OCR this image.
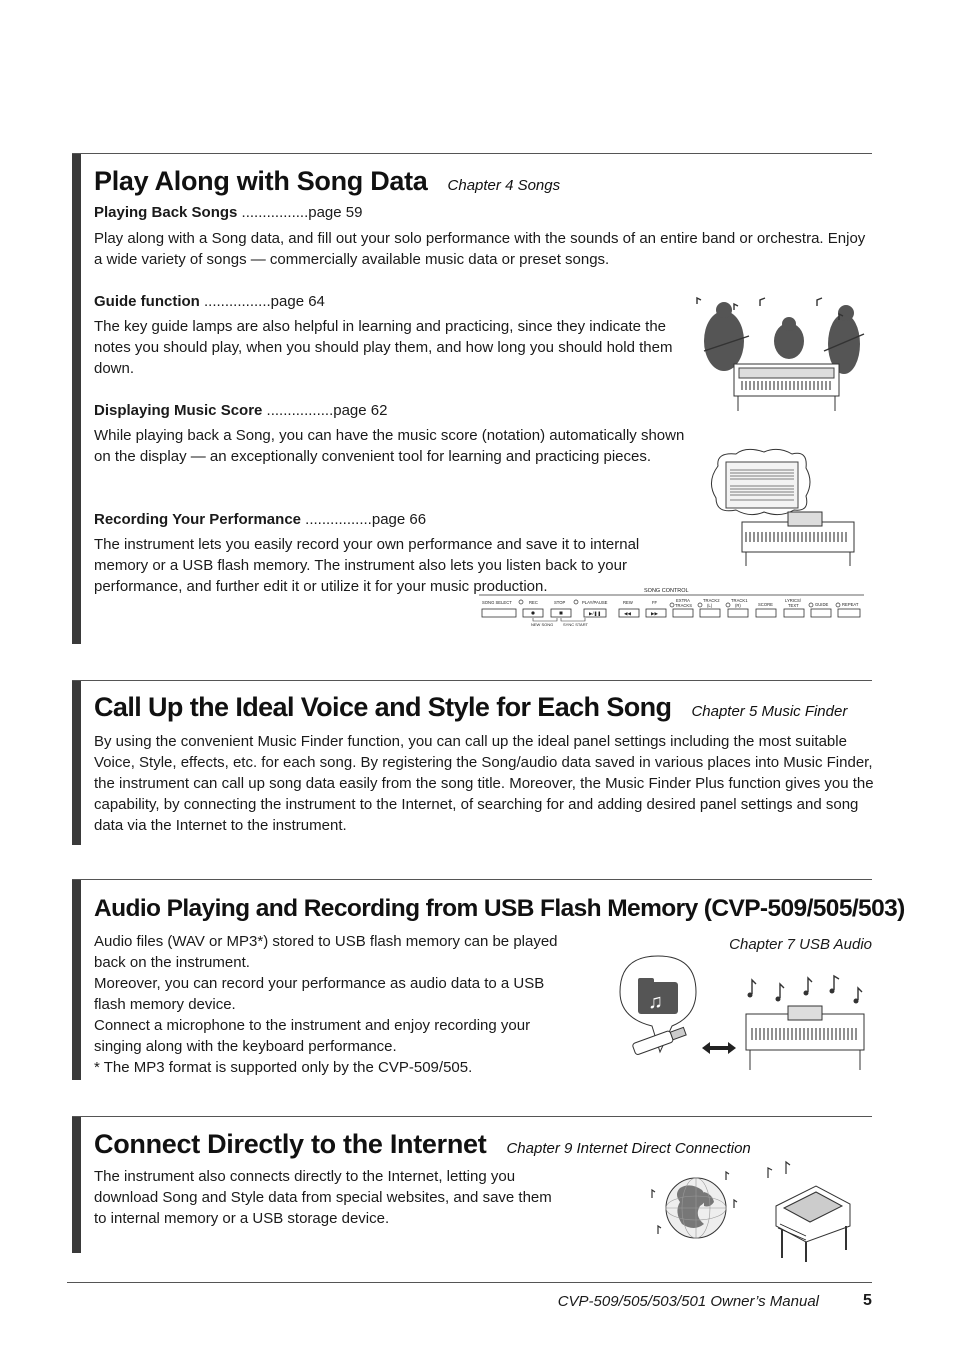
Play Along with Song Data Chapter 4 Songs
Playing Back Songs ................page 59

Play along with a Song data, and fill out your solo performance with the sounds of an entire band or orchestra. Enjoy a wide variety of songs — commercially available music data or preset songs.

Guide function ................page 64

The key guide lamps are also helpful in learning and practicing, since they indicate the notes you should play, when you should play them, and how long you should hold them down.

Displaying Music Score ................page 62

While playing back a Song, you can have the music score (notation) automatically shown on the display — an exceptionally convenient tool for learning and practicing pieces.

Recording Your Performance ................page 66

The instrument lets you easily record your own performance and save it to internal memory or a USB flash memory. The instrument also lets you listen back to your performance, and further edit it or utilize it for your music production.	SONG CONTROL
SONG SELECT	REC	STOP	PLAY/PAUSE	REW	FF	EXTRA
TRACKS
TRACK2
(L)
TRACK1
(R)	SCORE
LYRICS/
TEXT	GUIDE	REPEAT
▶/❚❚	◀◀	▶▶
NEW SONG SYNC START
Call Up the Ideal Voice and Style for Each Song Chapter 5 Music Finder

By using the convenient Music Finder function, you can call up the ideal panel settings including the most suitable Voice, Style, effects, etc. for each song. By registering the Song/audio data saved in various places into Music Finder, the instrument can call up song data easily from the song title. Moreover, the Music Finder Plus function gives you the capability, by connecting the instrument to the Internet, of searching for and adding desired panel settings and song data via the Internet to the instrument.

Audio Playing and Recording from USB Flash Memory (CVP-509/505/503)
Chapter 7 USB Audio

Audio files (WAV or MP3*) stored to USB flash memory can be played back on the instrument.

Moreover, you can record your performance as audio data to a USB flash memory device.

Connect a microphone to the instrument and enjoy recording your singing along with the keyboard performance.

* The MP3 format is supported only by the CVP-509/505.

♫
Connect Directly to the Internet Chapter 9 Internet Direct Connection

The instrument also connects directly to the Internet, letting you download Song and Style data from special websites, and save them to internal memory or a USB storage device.

CVP-509/505/503/501 Owner’s Manual	5
